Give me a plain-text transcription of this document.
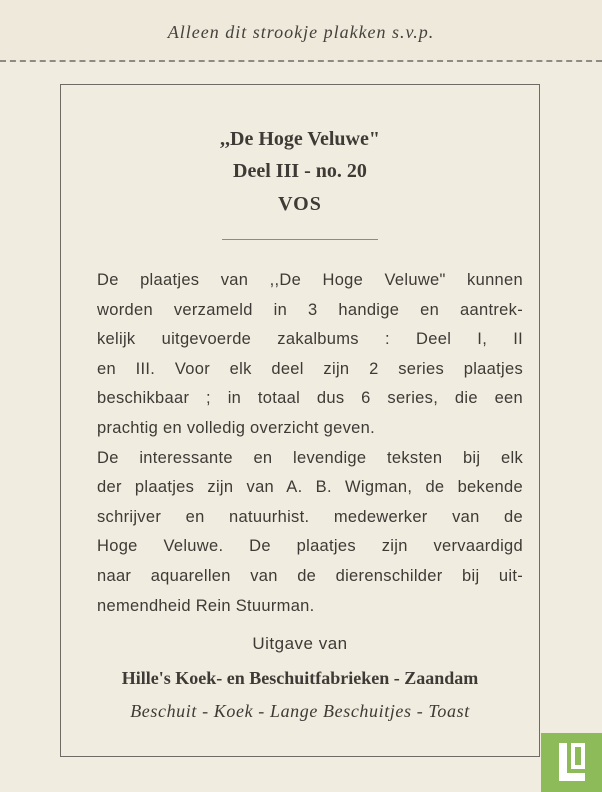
Alleen dit strookje plakken s.v.p.
,,De Hoge Veluwe"
Deel III - no. 20
VOS
De plaatjes van ,,De Hoge Veluwe" kunnen
worden verzameld in 3 handige en aantrek-
kelijk uitgevoerde zakalbums : Deel I, II
en III. Voor elk deel zijn 2 series plaatjes
beschikbaar ; in totaal dus 6 series, die een
prachtig en volledig overzicht geven.
De interessante en levendige teksten bij elk
der plaatjes zijn van A. B. Wigman, de bekende
schrijver en natuurhist. medewerker van de
Hoge Veluwe. De plaatjes zijn vervaardigd
naar aquarellen van de dierenschilder bij uit-
nemendheid Rein Stuurman.
Uitgave van
Hille's Koek- en Beschuitfabrieken - Zaandam
Beschuit - Koek - Lange Beschuitjes - Toast
